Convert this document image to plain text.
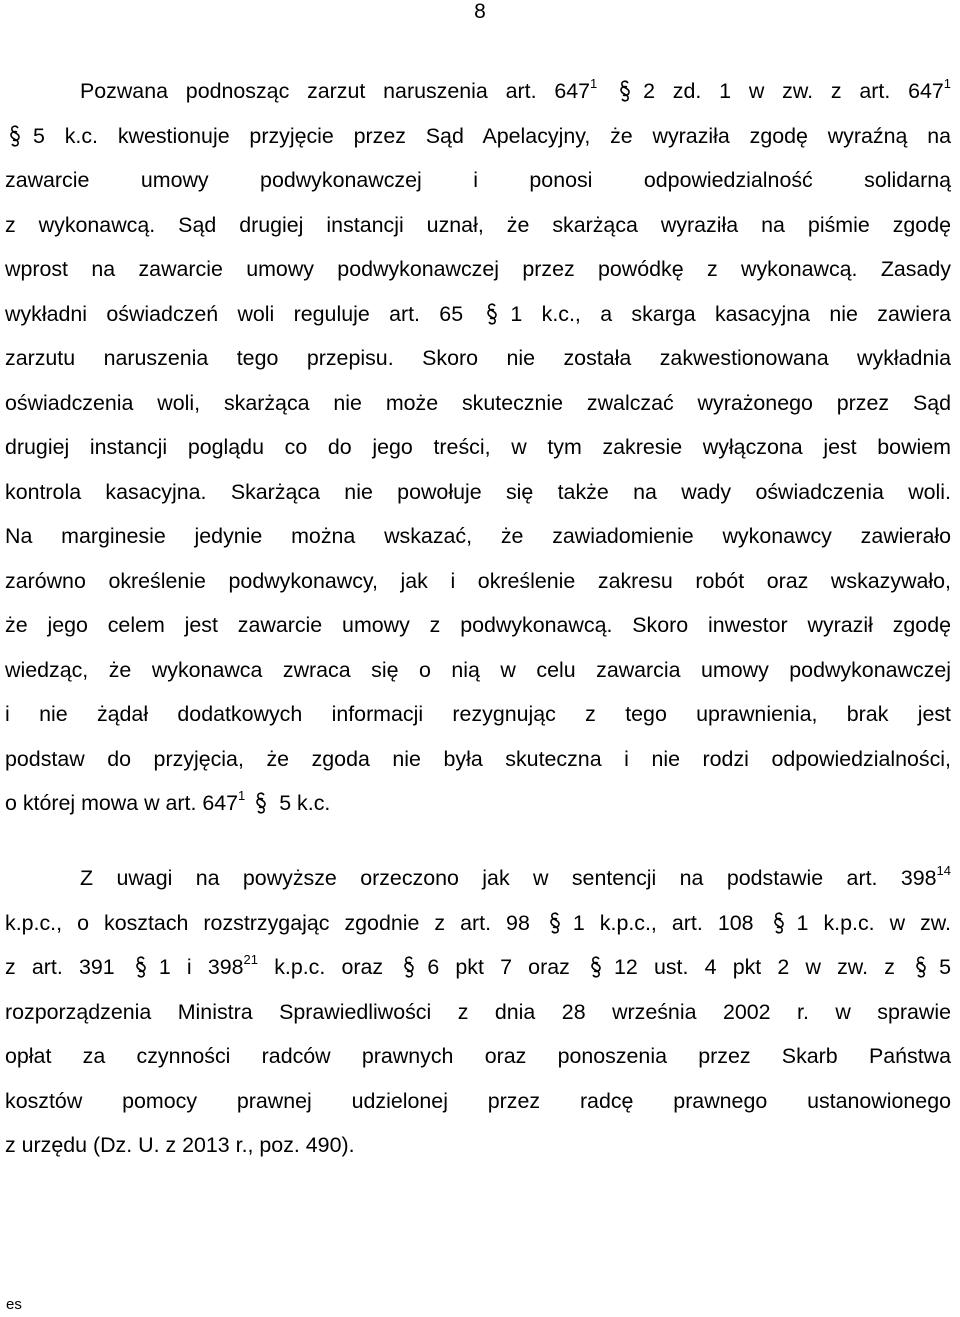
8
Pozwana podnosząc zarzut naruszenia art. $647^1$ 2 zd. 1 w zw. z art. $647^1$
5 k.c. kwestionuje przyjęcie przez Sąd Apelacyjny, że wyraziła zgodę wyraźną na
zawarcie umowy podwykonawczej i ponosi odpowiedzialność solidarną
z wykonawcą. Sąd drugiej instancji uznał, że skarżąca wyraziła na piśmie zgodę
wprost na zawarcie umowy podwykonawczej przez powódkę z wykonawcą. Zasady
wykładni oświadczeń woli reguluje art. 65 1 k.c., a skarga kasacyjna nie zawiera
zarzutu naruszenia tego przepisu. Skoro nie została zakwestionowana wykładnia
oświadczenia woli, skarżąca nie może skutecznie zwalczać wyrażonego przez Sąd
drugiej instancji poglądu co do jego treści, w tym zakresie wyłączona jest bowiem
kontrola kasacyjna. Skarżąca nie powołuje się także na wady oświadczenia woli.
Na marginesie jedynie można wskazać, że zawiadomienie wykonawcy zawierało
zarówno określenie podwykonawcy, jak i określenie zakresu robót oraz wskazywało,
że jego celem jest zawarcie umowy z podwykonawcą. Skoro inwestor wyraził zgodę
wiedząc, że wykonawca zwraca się o nią w celu zawarcia umowy podwykonawczej
i nie żądał dodatkowych informacji rezygnując z tego uprawnienia, brak jest
podstaw do przyjęcia, że zgoda nie była skuteczna i nie rodzi odpowiedzialności,
o której mowa w art. $647^1$ 5 k.c.
Z uwagi na powyższe orzeczono jak w sentencji na podstawie art. $398^{14}$
k.p.c., o kosztach rozstrzygając zgodnie z art. 98 1 k.p.c., art. 108 1 k.p.c. w zw.
z art. 391 1 i $398^{21}$ k.p.c. oraz 6 pkt 7 oraz 12 ust. 4 pkt 2 w zw. z 5
rozporządzenia Ministra Sprawiedliwości z dnia 28 września 2002 r. w sprawie
opłat za czynności radców prawnych oraz ponoszenia przez Skarb Państwa
kosztów pomocy prawnej udzielonej przez radcę prawnego ustanowionego
z urzędu (Dz. U. z 2013 r., poz. 490).
es
